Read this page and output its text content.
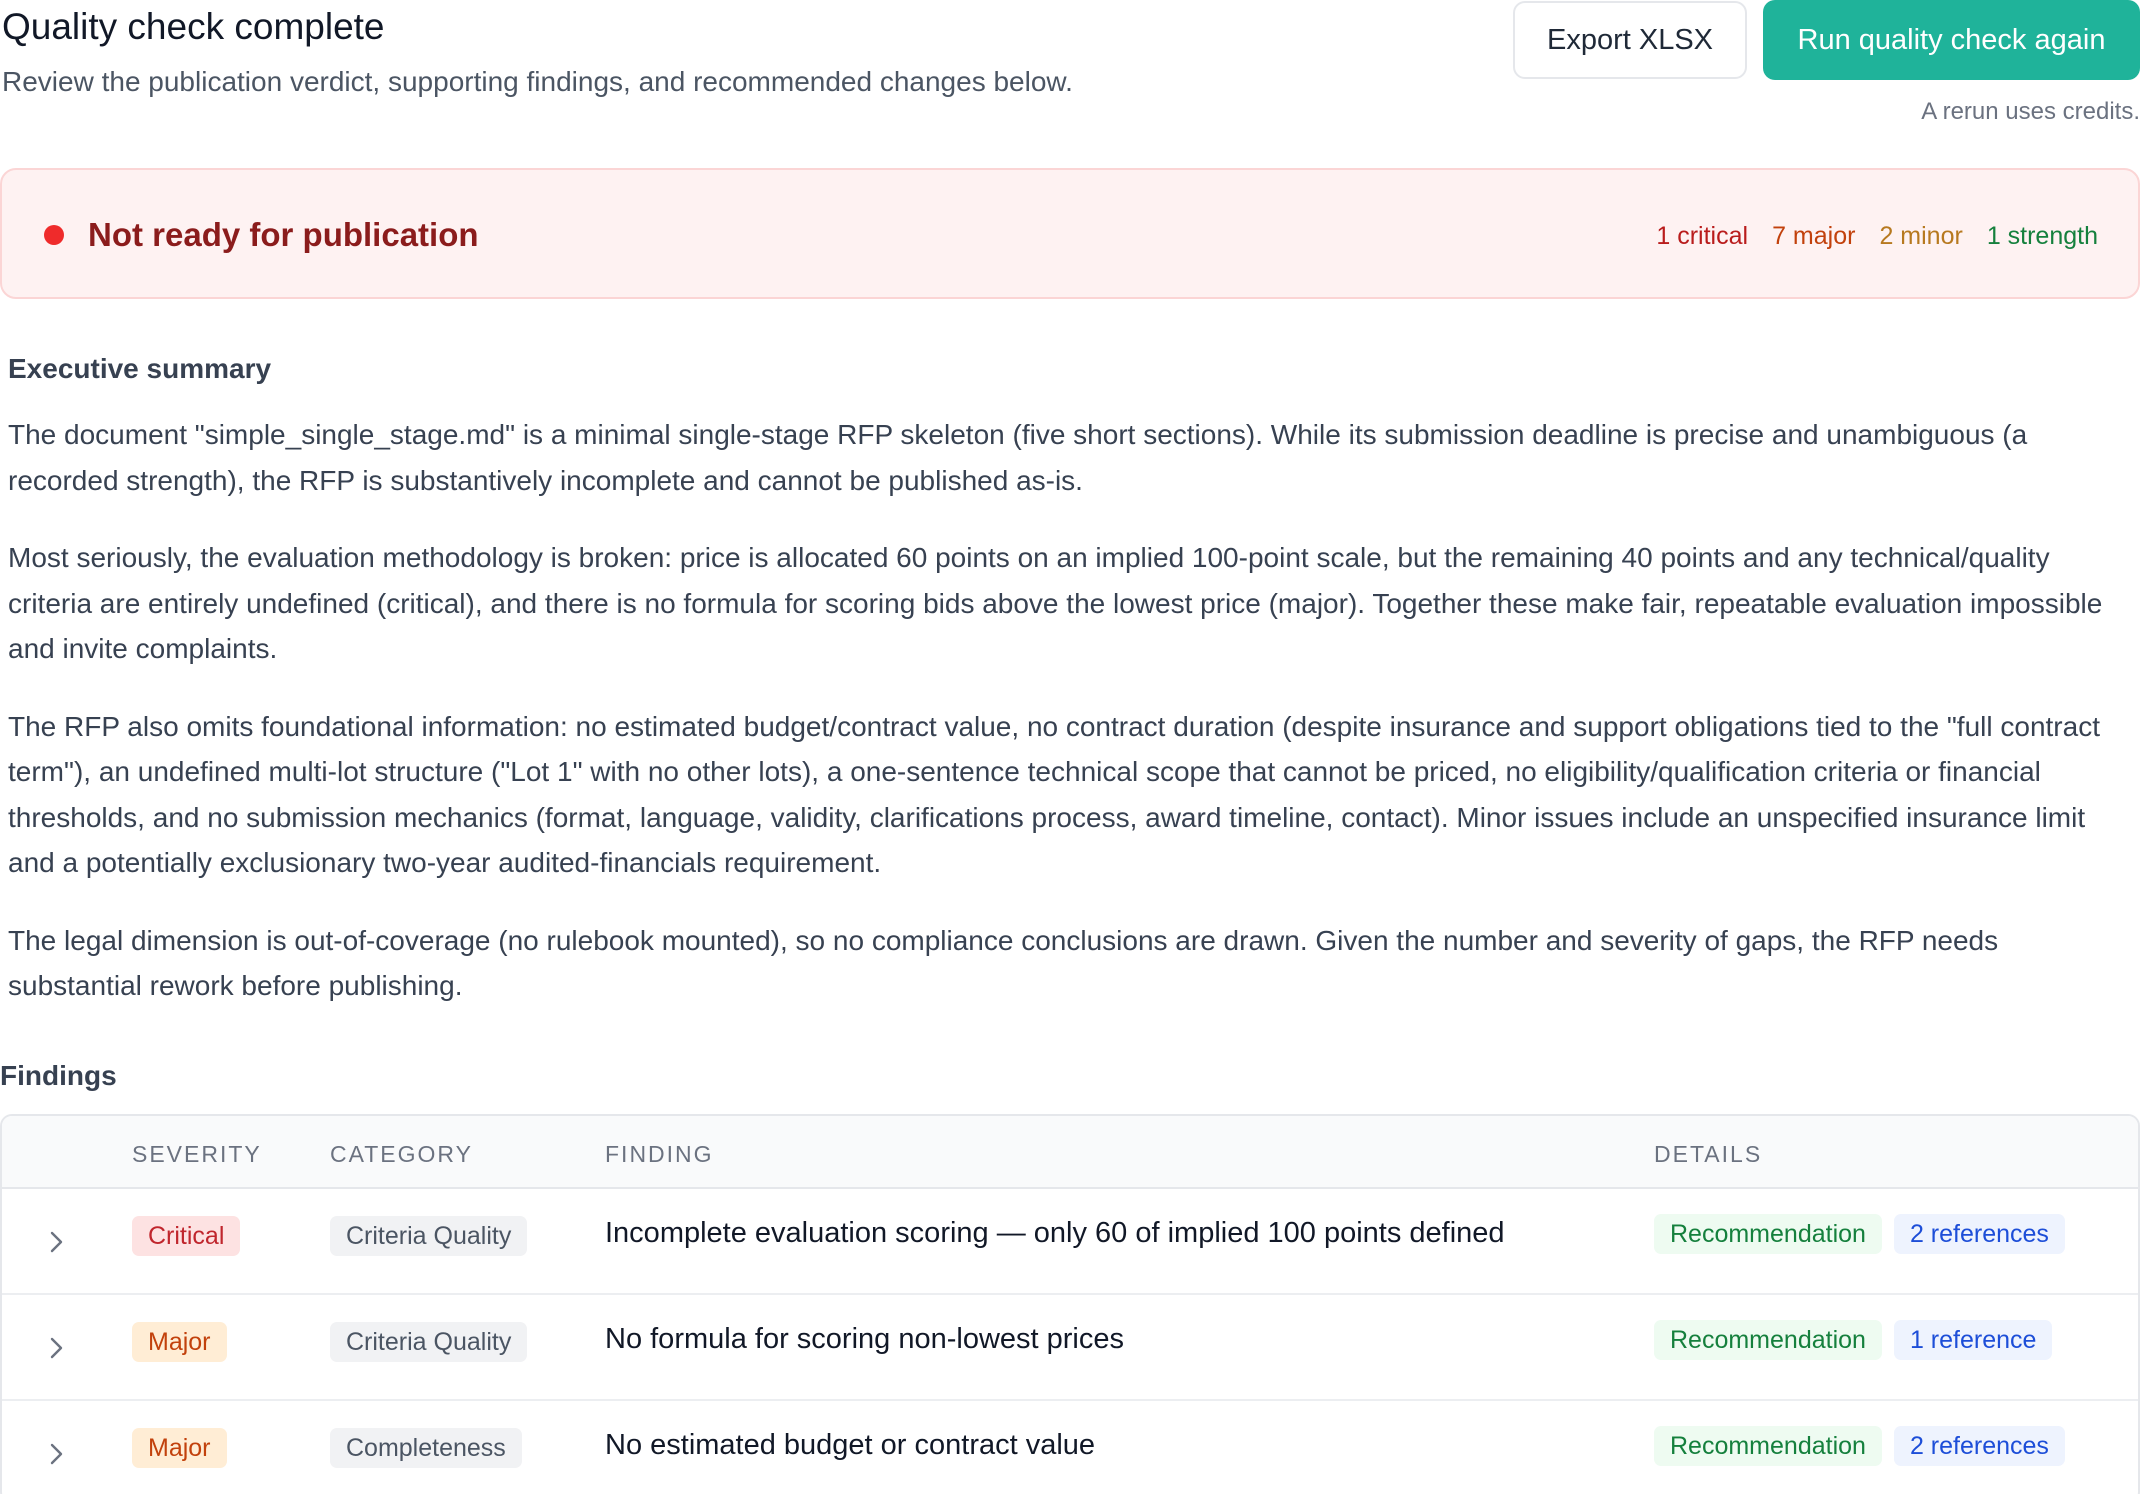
Quality check complete
Review the publication verdict, supporting findings, and recommended changes below.
Export XLSX	Run quality check again
A rerun uses credits.
Not ready for publication	1 critical 7 major 2 minor 1 strength
Executive summary

The document "simple_single_stage.md" is a minimal single-stage RFP skeleton (five short sections). While its submission deadline is precise and unambiguous (a recorded strength), the RFP is substantively incomplete and cannot be published as-is.

Most seriously, the evaluation methodology is broken: price is allocated 60 points on an implied 100-point scale, but the remaining 40 points and any technical/quality criteria are entirely undefined (critical), and there is no formula for scoring bids above the lowest price (major). Together these make fair, repeatable evaluation impossible and invite complaints.

The RFP also omits foundational information: no estimated budget/contract value, no contract duration (despite insurance and support obligations tied to the "full contract term"), an undefined multi-lot structure ("Lot 1" with no other lots), a one-sentence technical scope that cannot be priced, no eligibility/qualification criteria or financial thresholds, and no submission mechanics (format, language, validity, clarifications process, award timeline, contact). Minor issues include an unspecified insurance limit and a potentially exclusionary two-year audited-financials requirement.

The legal dimension is out-of-coverage (no rulebook mounted), so no compliance conclusions are drawn. Given the number and severity of gaps, the RFP needs substantial rework before publishing.

Findings
SEVERITY	CATEGORY	FINDING	DETAILS
Critical	Criteria Quality	Incomplete evaluation scoring — only 60 of implied 100 points defined	Recommendation	2 references
Major	Criteria Quality	No formula for scoring non-lowest prices	Recommendation	1 reference
Major	Completeness	No estimated budget or contract value	Recommendation	2 references
